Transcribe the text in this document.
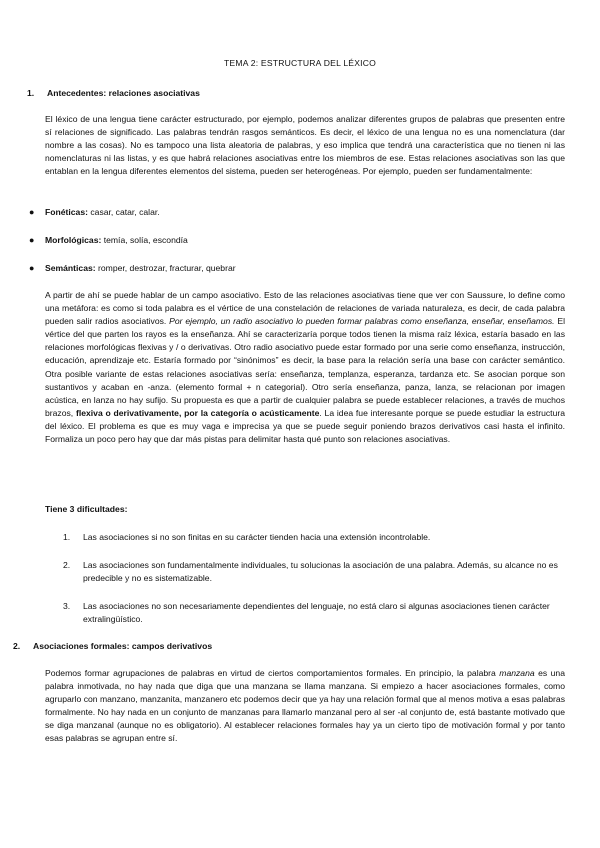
TEMA 2: ESTRUCTURA DEL LÉXICO
1. Antecedentes: relaciones asociativas

El léxico de una lengua tiene carácter estructurado, por ejemplo, podemos analizar diferentes grupos de palabras que presenten entre sí relaciones de significado. Las palabras tendrán rasgos semánticos. Es decir, el léxico de una lengua no es una nomenclatura (dar nombre a las cosas). No es tampoco una lista aleatoria de palabras, y eso implica que tendrá una característica que no tienen ni las nomenclaturas ni las listas, y es que habrá relaciones asociativas entre los miembros de ese. Estas relaciones asociativas son las que entablan en la lengua diferentes elementos del sistema, pueden ser heterogéneas. Por ejemplo, pueden ser fundamentalmente:

● Fonéticas: casar, catar, calar.
● Morfológicas: temía, solía, escondía
● Semánticas: romper, destrozar, fracturar, quebrar

A partir de ahí se puede hablar de un campo asociativo. Esto de las relaciones asociativas tiene que ver con Saussure, lo define como una metáfora: es como si toda palabra es el vértice de una constelación de relaciones de variada naturaleza, es decir, de cada palabra pueden salir radios asociativos. Por ejemplo, un radio asociativo lo pueden formar palabras como enseñanza, enseñar, enseñamos. El vértice del que parten los rayos es la enseñanza. Ahí se caracterizaría porque todos tienen la misma raíz léxica, estaría basado en las relaciones morfológicas flexivas y / o derivativas. Otro radio asociativo puede estar formado por una serie como enseñanza, instrucción, educación, aprendizaje etc. Estaría formado por “sinónimos” es decir, la base para la relación sería una base con carácter semántico. Otra posible variante de estas relaciones asociativas sería: enseñanza, templanza, esperanza, tardanza etc. Se asocian porque son sustantivos y acaban en -anza. (elemento formal + n categorial). Otro sería enseñanza, panza, lanza, se relacionan por imagen acústica, en lanza no hay sufijo. Su propuesta es que a partir de cualquier palabra se puede establecer relaciones, a través de muchos brazos, flexiva o derivativamente, por la categoría o acústicamente. La idea fue interesante porque se puede estudiar la estructura del léxico. El problema es que es muy vaga e imprecisa ya que se puede seguir poniendo brazos derivativos casi hasta el infinito. Formaliza un poco pero hay que dar más pistas para delimitar hasta qué punto son relaciones asociativas.

Tiene 3 dificultades:
1. Las asociaciones si no son finitas en su carácter tienden hacia una extensión incontrolable.
2. Las asociaciones son fundamentalmente individuales, tu solucionas la asociación de una palabra. Además, su alcance no es predecible y no es sistematizable.
3. Las asociaciones no son necesariamente dependientes del lenguaje, no está claro si algunas asociaciones tienen carácter extralingüístico.
2. Asociaciones formales: campos derivativos

Podemos formar agrupaciones de palabras en virtud de ciertos comportamientos formales. En principio, la palabra manzana es una palabra inmotivada, no hay nada que diga que una manzana se llama manzana. Si empiezo a hacer asociaciones formales, como agruparlo con manzano, manzanita, manzanero etc podemos decir que ya hay una relación formal que al menos motiva a esas palabras formalmente. No hay nada en un conjunto de manzanas para llamarlo manzanal pero al ser -al conjunto de, está bastante motivado que se diga manzanal (aunque no es obligatorio). Al establecer relaciones formales hay ya un cierto tipo de motivación formal y por tanto esas palabras se agrupan entre sí.
